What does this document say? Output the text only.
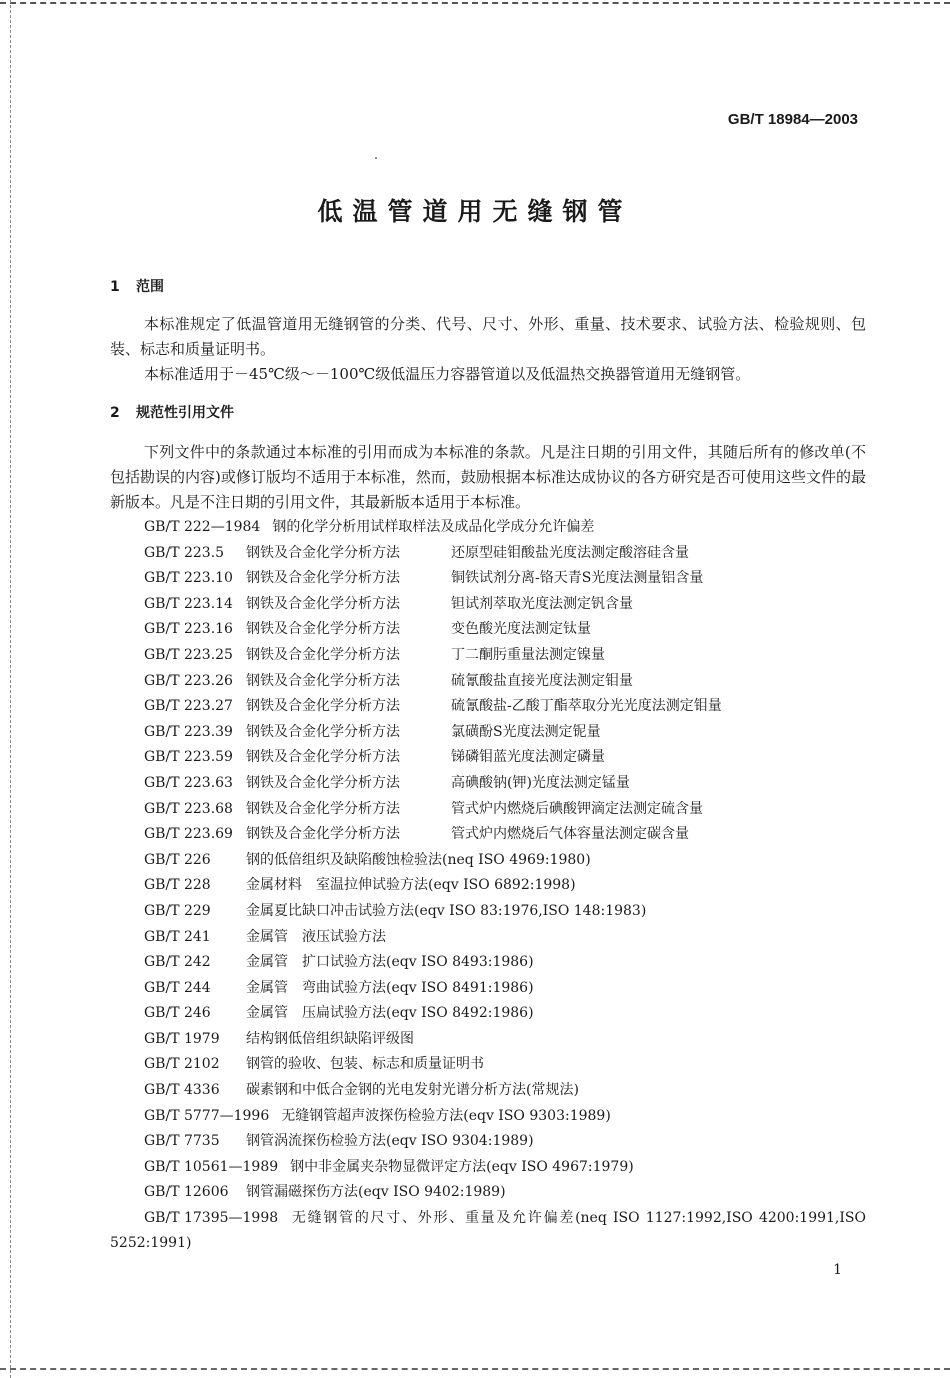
GB/T 18984—2003
低温管道用无缝钢管
1 范围
本标准规定了低温管道用无缝钢管的分类、代号、尺寸、外形、重量、技术要求、试验方法、检验规则、包装、标志和质量证明书。
本标准适用于－45℃级～－100℃级低温压力容器管道以及低温热交换器管道用无缝钢管。
2 规范性引用文件
下列文件中的条款通过本标准的引用而成为本标准的条款。凡是注日期的引用文件，其随后所有的修改单(不包括勘误的内容)或修订版均不适用于本标准，然而，鼓励根据本标准达成协议的各方研究是否可使用这些文件的最新版本。凡是不注日期的引用文件，其最新版本适用于本标准。
GB/T 222—1984 钢的化学分析用试样取样法及成品化学成分允许偏差
GB/T 223.5 钢铁及合金化学分析方法	还原型硅钼酸盐光度法测定酸溶硅含量
GB/T 223.10 钢铁及合金化学分析方法	铜铁试剂分离-铬天青S光度法测量铝含量
GB/T 223.14 钢铁及合金化学分析方法	钽试剂萃取光度法测定钒含量
GB/T 223.16 钢铁及合金化学分析方法	变色酸光度法测定钛量
GB/T 223.25 钢铁及合金化学分析方法	丁二酮肟重量法测定镍量
GB/T 223.26 钢铁及合金化学分析方法	硫氰酸盐直接光度法测定钼量
GB/T 223.27 钢铁及合金化学分析方法	硫氰酸盐-乙酸丁酯萃取分光光度法测定钼量
GB/T 223.39 钢铁及合金化学分析方法	氯磺酚S光度法测定铌量
GB/T 223.59 钢铁及合金化学分析方法	锑磷钼蓝光度法测定磷量
GB/T 223.63 钢铁及合金化学分析方法	高碘酸钠(钾)光度法测定锰量
GB/T 223.68 钢铁及合金化学分析方法	管式炉内燃烧后碘酸钾滴定法测定硫含量
GB/T 223.69 钢铁及合金化学分析方法	管式炉内燃烧后气体容量法测定碳含量
GB/T 226	钢的低倍组织及缺陷酸蚀检验法(neq ISO 4969:1980)
GB/T 228	金属材料　室温拉伸试验方法(eqv ISO 6892:1998)
GB/T 229	金属夏比缺口冲击试验方法(eqv ISO 83:1976,ISO 148:1983)
GB/T 241	金属管　液压试验方法
GB/T 242	金属管　扩口试验方法(eqv ISO 8493:1986)
GB/T 244	金属管　弯曲试验方法(eqv ISO 8491:1986)
GB/T 246	金属管　压扁试验方法(eqv ISO 8492:1986)
GB/T 1979 结构钢低倍组织缺陷评级图
GB/T 2102 钢管的验收、包装、标志和质量证明书
GB/T 4336 碳素钢和中低合金钢的光电发射光谱分析方法(常规法)
GB/T 5777—1996 无缝钢管超声波探伤检验方法(eqv ISO 9303:1989)
GB/T 7735 钢管涡流探伤检验方法(eqv ISO 9304:1989)
GB/T 10561—1989 钢中非金属夹杂物显微评定方法(eqv ISO 4967:1979)
GB/T 12606 钢管漏磁探伤方法(eqv ISO 9402:1989)
GB/T 17395—1998 无缝钢管的尺寸、外形、重量及允许偏差(neq ISO 1127:1992,ISO 4200:1991,ISO 5252:1991)
1
